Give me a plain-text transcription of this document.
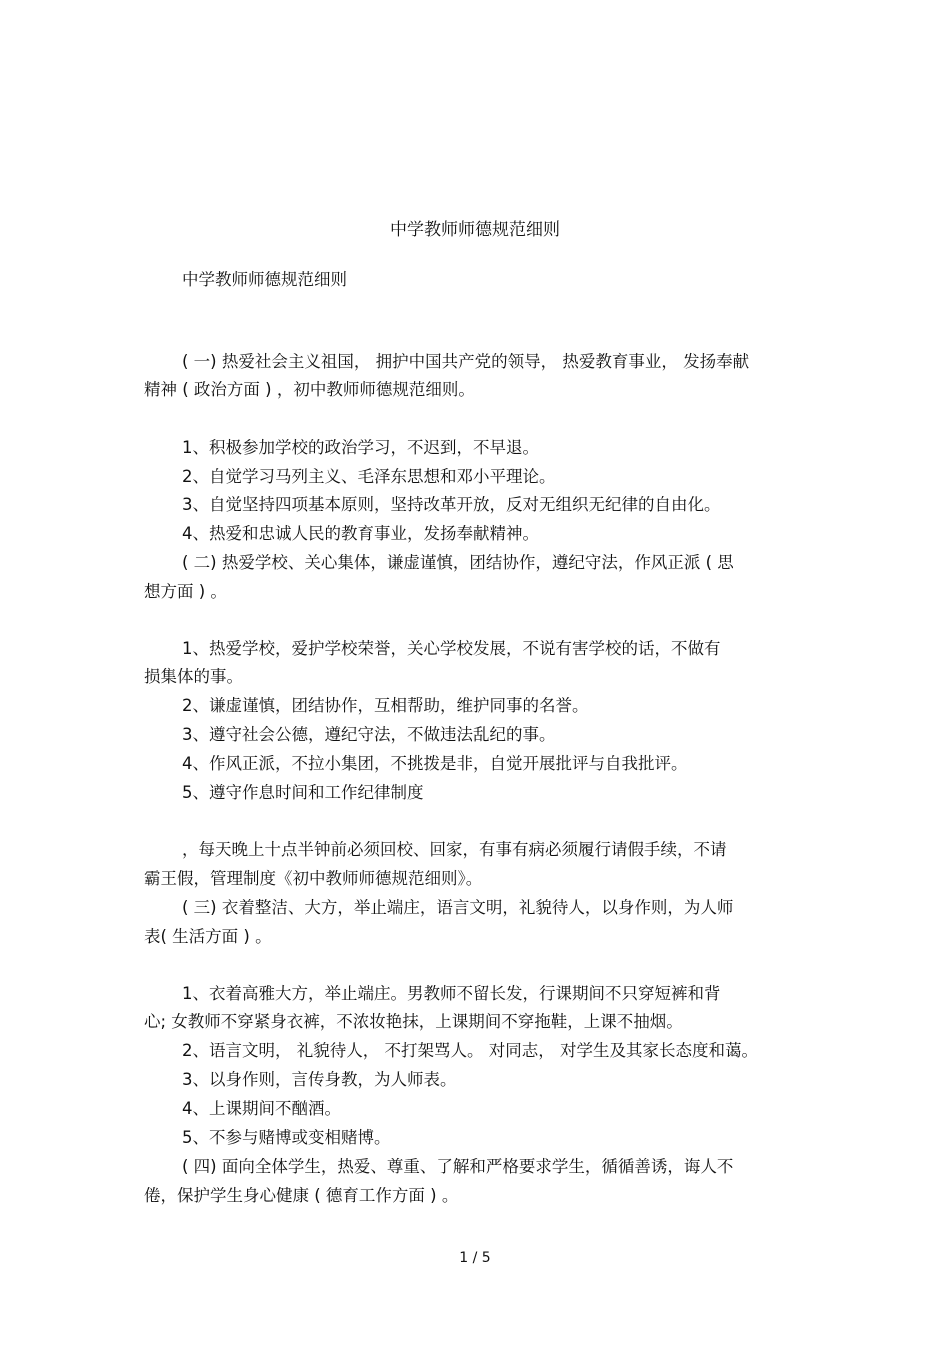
中学教师师德规范细则

中学教师师德规范细则

( 一) 热爱社会主义祖国， 拥护中国共产党的领导， 热爱教育事业， 发扬奉献

精神 ( 政治方面 ) ，初中教师师德规范细则。

1、积极参加学校的政治学习，不迟到，不早退。

2、自觉学习马列主义、毛泽东思想和邓小平理论。

3、自觉坚持四项基本原则，坚持改革开放，反对无组织无纪律的自由化。

4、热爱和忠诚人民的教育事业，发扬奉献精神。

( 二) 热爱学校、关心集体，谦虚谨慎，团结协作，遵纪守法，作风正派 ( 思

想方面 ) 。

1、热爱学校，爱护学校荣誉，关心学校发展，不说有害学校的话，不做有

损集体的事。

2、谦虚谨慎，团结协作，互相帮助，维护同事的名誉。

3、遵守社会公德，遵纪守法，不做违法乱纪的事。

4、作风正派，不拉小集团，不挑拨是非，自觉开展批评与自我批评。

5、遵守作息时间和工作纪律制度

，每天晚上十点半钟前必须回校、回家，有事有病必须履行请假手续，不请

霸王假，管理制度《初中教师师德规范细则》。

( 三) 衣着整洁、大方，举止端庄，语言文明，礼貌待人，以身作则，为人师

表( 生活方面 ) 。

1、衣着高雅大方，举止端庄。男教师不留长发，行课期间不只穿短裤和背

心; 女教师不穿紧身衣裤，不浓妆艳抹，上课期间不穿拖鞋，上课不抽烟。

2、语言文明， 礼貌待人， 不打架骂人。 对同志， 对学生及其家长态度和蔼。

3、以身作则，言传身教，为人师表。

4、上课期间不酗酒。

5、不参与赌博或变相赌博。

( 四) 面向全体学生，热爱、尊重、了解和严格要求学生，循循善诱，诲人不

倦，保护学生身心健康 ( 德育工作方面 ) 。

1 / 5
